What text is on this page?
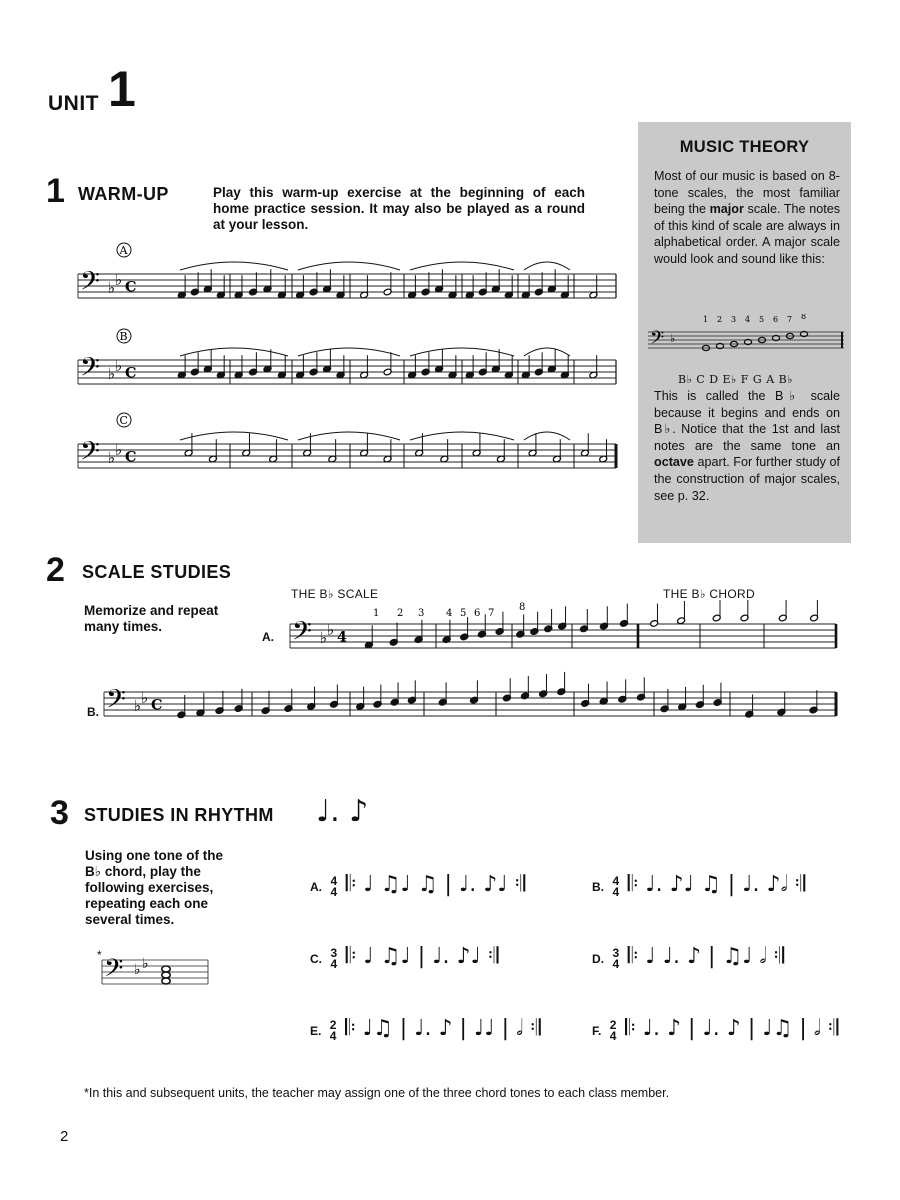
UNIT 1
MUSIC THEORY
Most of our music is based on 8-tone scales, the most familiar being the major scale. The notes of this kind of scale are always in alphabetical order. A major scale would look and sound like this:
𝄢 ♭
1 2 3 4 5 6 7 8
B♭ C D E♭ F G A B♭
This is called the B♭ scale because it begins and ends on B♭. Notice that the 1st and last notes are the same tone an octave apart. For further study of the construction of major scales, see p. 32.
1 WARM-UP	Play this warm-up exercise at the beginning of each home practice session. It may also be played as a round at your lesson.
A
𝄢 ♭ ♭ C
B
𝄢 ♭ ♭ C
C
𝄢 ♭ ♭ C
2 SCALE STUDIES
Memorize and repeat many times.
THE B♭ SCALE	THE B♭ CHORD
A.
B.
𝄢 ♭ ♭ 4
𝄢 ♭ ♭ C
1 2 3 4 5 6 7
8
3 STUDIES IN RHYTHM ♩. ♪
Using one tone of the B♭ chord, play the following exercises, repeating each one several times.
* 𝄢 ♭ ♭
A. 4
4 𝄆 ♩ ♫♩ ♫ | ♩. ♪♩ 𝄇	B. 4
4 𝄆 ♩. ♪♩ ♫ | ♩. ♪𝅗𝅥 𝄇
C. 3
4 𝄆 ♩ ♫♩ | ♩. ♪♩ 𝄇	D. 3
4 𝄆 ♩ ♩. ♪ | ♫♩ 𝅗𝅥 𝄇
E. 2
4 𝄆 ♩♫ | ♩. ♪ | ♩♩ | 𝅗𝅥 𝄇	F. 2
4 𝄆 ♩. ♪ | ♩. ♪ | ♩♫ | 𝅗𝅥 𝄇
*In this and subsequent units, the teacher may assign one of the three chord tones to each class member.
2
